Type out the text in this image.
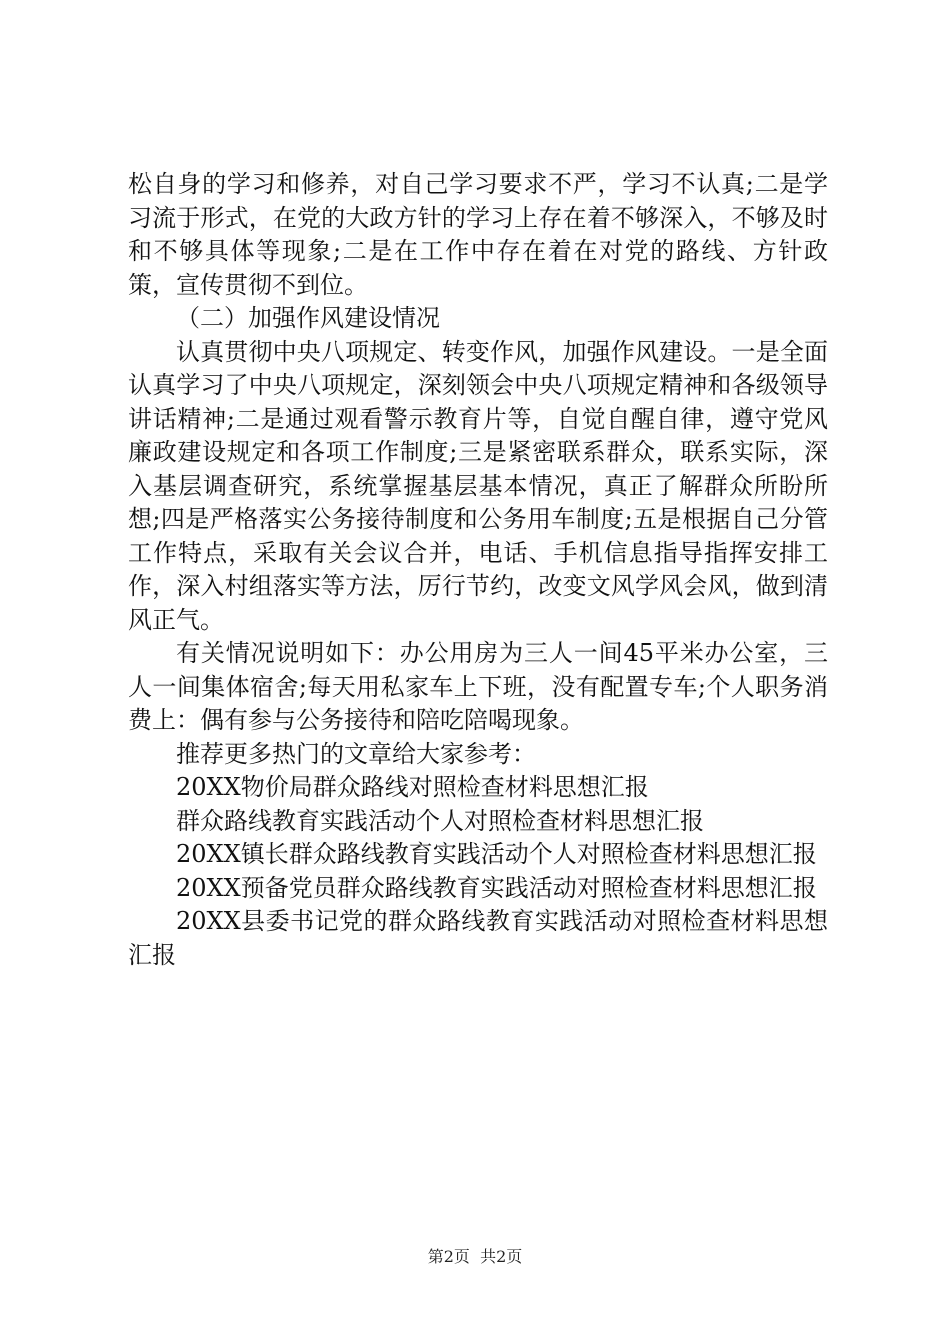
松自身的学习和修养，对自己学习要求不严，学习不认真;二是学习流于形式，在党的大政方针的学习上存在着不够深入，不够及时和不够具体等现象;二是在工作中存在着在对党的路线、方针政策，宣传贯彻不到位。

（二）加强作风建设情况

认真贯彻中央八项规定、转变作风，加强作风建设。一是全面认真学习了中央八项规定，深刻领会中央八项规定精神和各级领导讲话精神;二是通过观看警示教育片等，自觉自醒自律，遵守党风廉政建设规定和各项工作制度;三是紧密联系群众，联系实际，深入基层调查研究，系统掌握基层基本情况，真正了解群众所盼所想;四是严格落实公务接待制度和公务用车制度;五是根据自己分管工作特点，采取有关会议合并，电话、手机信息指导指挥安排工作，深入村组落实等方法，厉行节约，改变文风学风会风，做到清风正气。

有关情况说明如下：办公用房为三人一间45平米办公室，三人一间集体宿舍;每天用私家车上下班，没有配置专车;个人职务消费上：偶有参与公务接待和陪吃陪喝现象。

推荐更多热门的文章给大家参考：

20XX物价局群众路线对照检查材料思想汇报

群众路线教育实践活动个人对照检查材料思想汇报

20XX镇长群众路线教育实践活动个人对照检查材料思想汇报

20XX预备党员群众路线教育实践活动对照检查材料思想汇报

20XX县委书记党的群众路线教育实践活动对照检查材料思想汇报

第2页  共2页
